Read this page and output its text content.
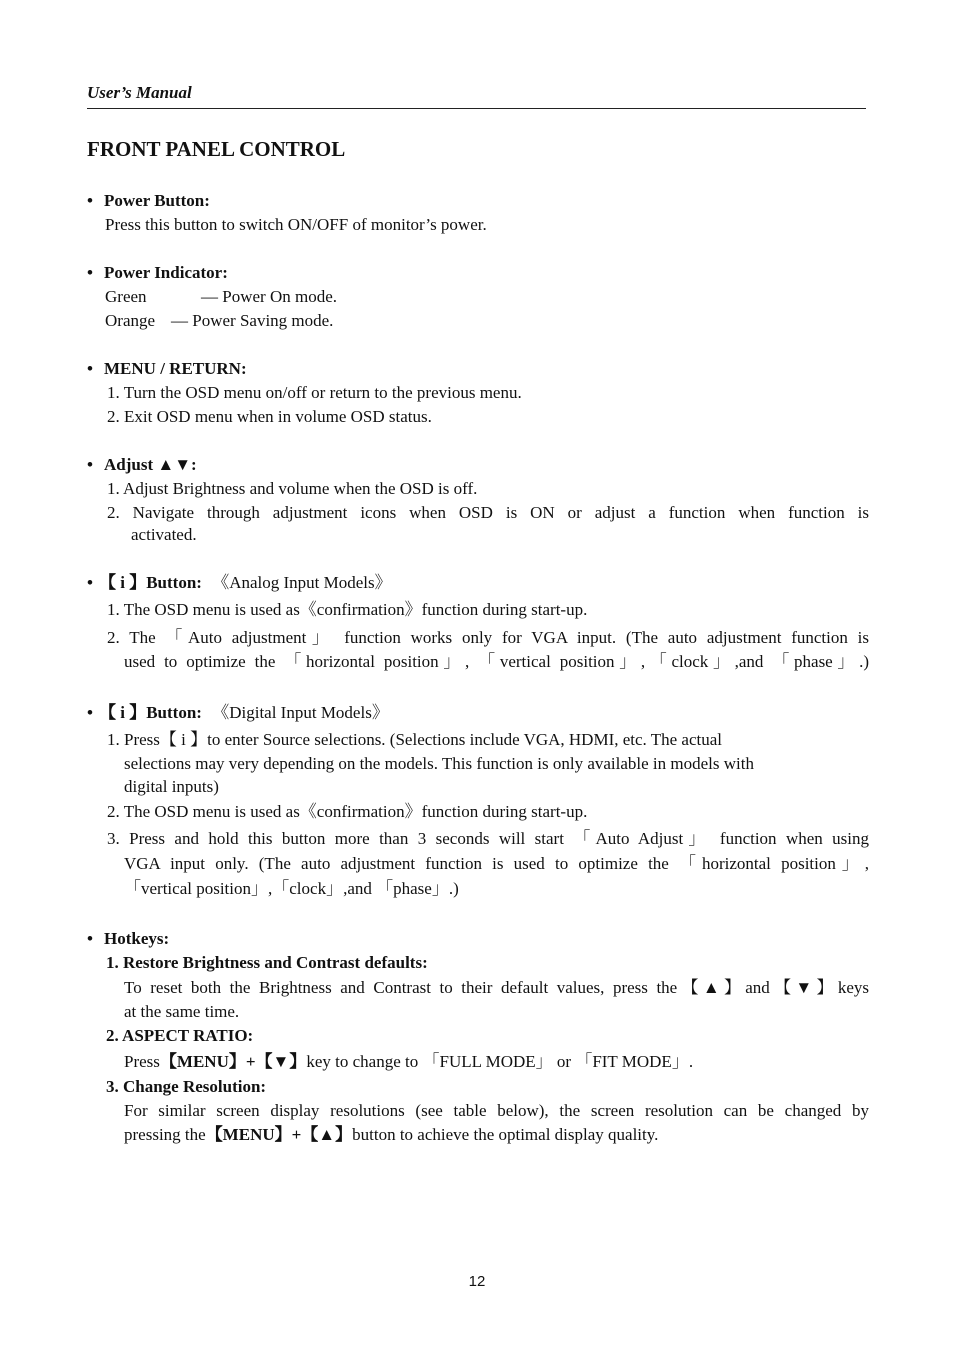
User’s Manual
FRONT PANEL CONTROL
• Power Button:
Press this button to switch ON/OFF of monitor’s power.
• Power Indicator:
Green	— Power On mode.
Orange — Power Saving mode.
• MENU / RETURN:
1. Turn the OSD menu on/off or return to the previous menu.
2. Exit OSD menu when in volume OSD status.
• Adjust ▲▼:
1. Adjust Brightness and volume when the OSD is off.
2. Navigate through adjustment icons when OSD is ON or adjust a function when function is
activated.
• 【 i 】Button: 《Analog Input Models》
1. The OSD menu is used as《confirmation》function during start-up.
2. The 「Auto adjustment」 function works only for VGA input. (The auto adjustment function is
used to optimize the 「horizontal position」, 「vertical position」,「clock」,and 「phase」.)
• 【 i 】Button: 《Digital Input Models》
1. Press【 i 】to enter Source selections. (Selections include VGA, HDMI, etc. The actual
selections may very depending on the models. This function is only available in models with
digital inputs)
2. The OSD menu is used as《confirmation》function during start-up.
3. Press and hold this button more than 3 seconds will start 「Auto Adjust」 function when using
VGA input only. (The auto adjustment function is used to optimize the 「horizontal position」,
「vertical position」,「clock」,and 「phase」.)
• Hotkeys:
1. Restore Brightness and Contrast defaults:
To reset both the Brightness and Contrast to their default values, press the【▲】and【▼】keys
at the same time.
2. ASPECT RATIO:
Press【MENU】+【▼】key to change to 「FULL MODE」 or 「FIT MODE」.
3. Change Resolution:
For similar screen display resolutions (see table below), the screen resolution can be changed by
pressing the【MENU】+【▲】button to achieve the optimal display quality.
12
